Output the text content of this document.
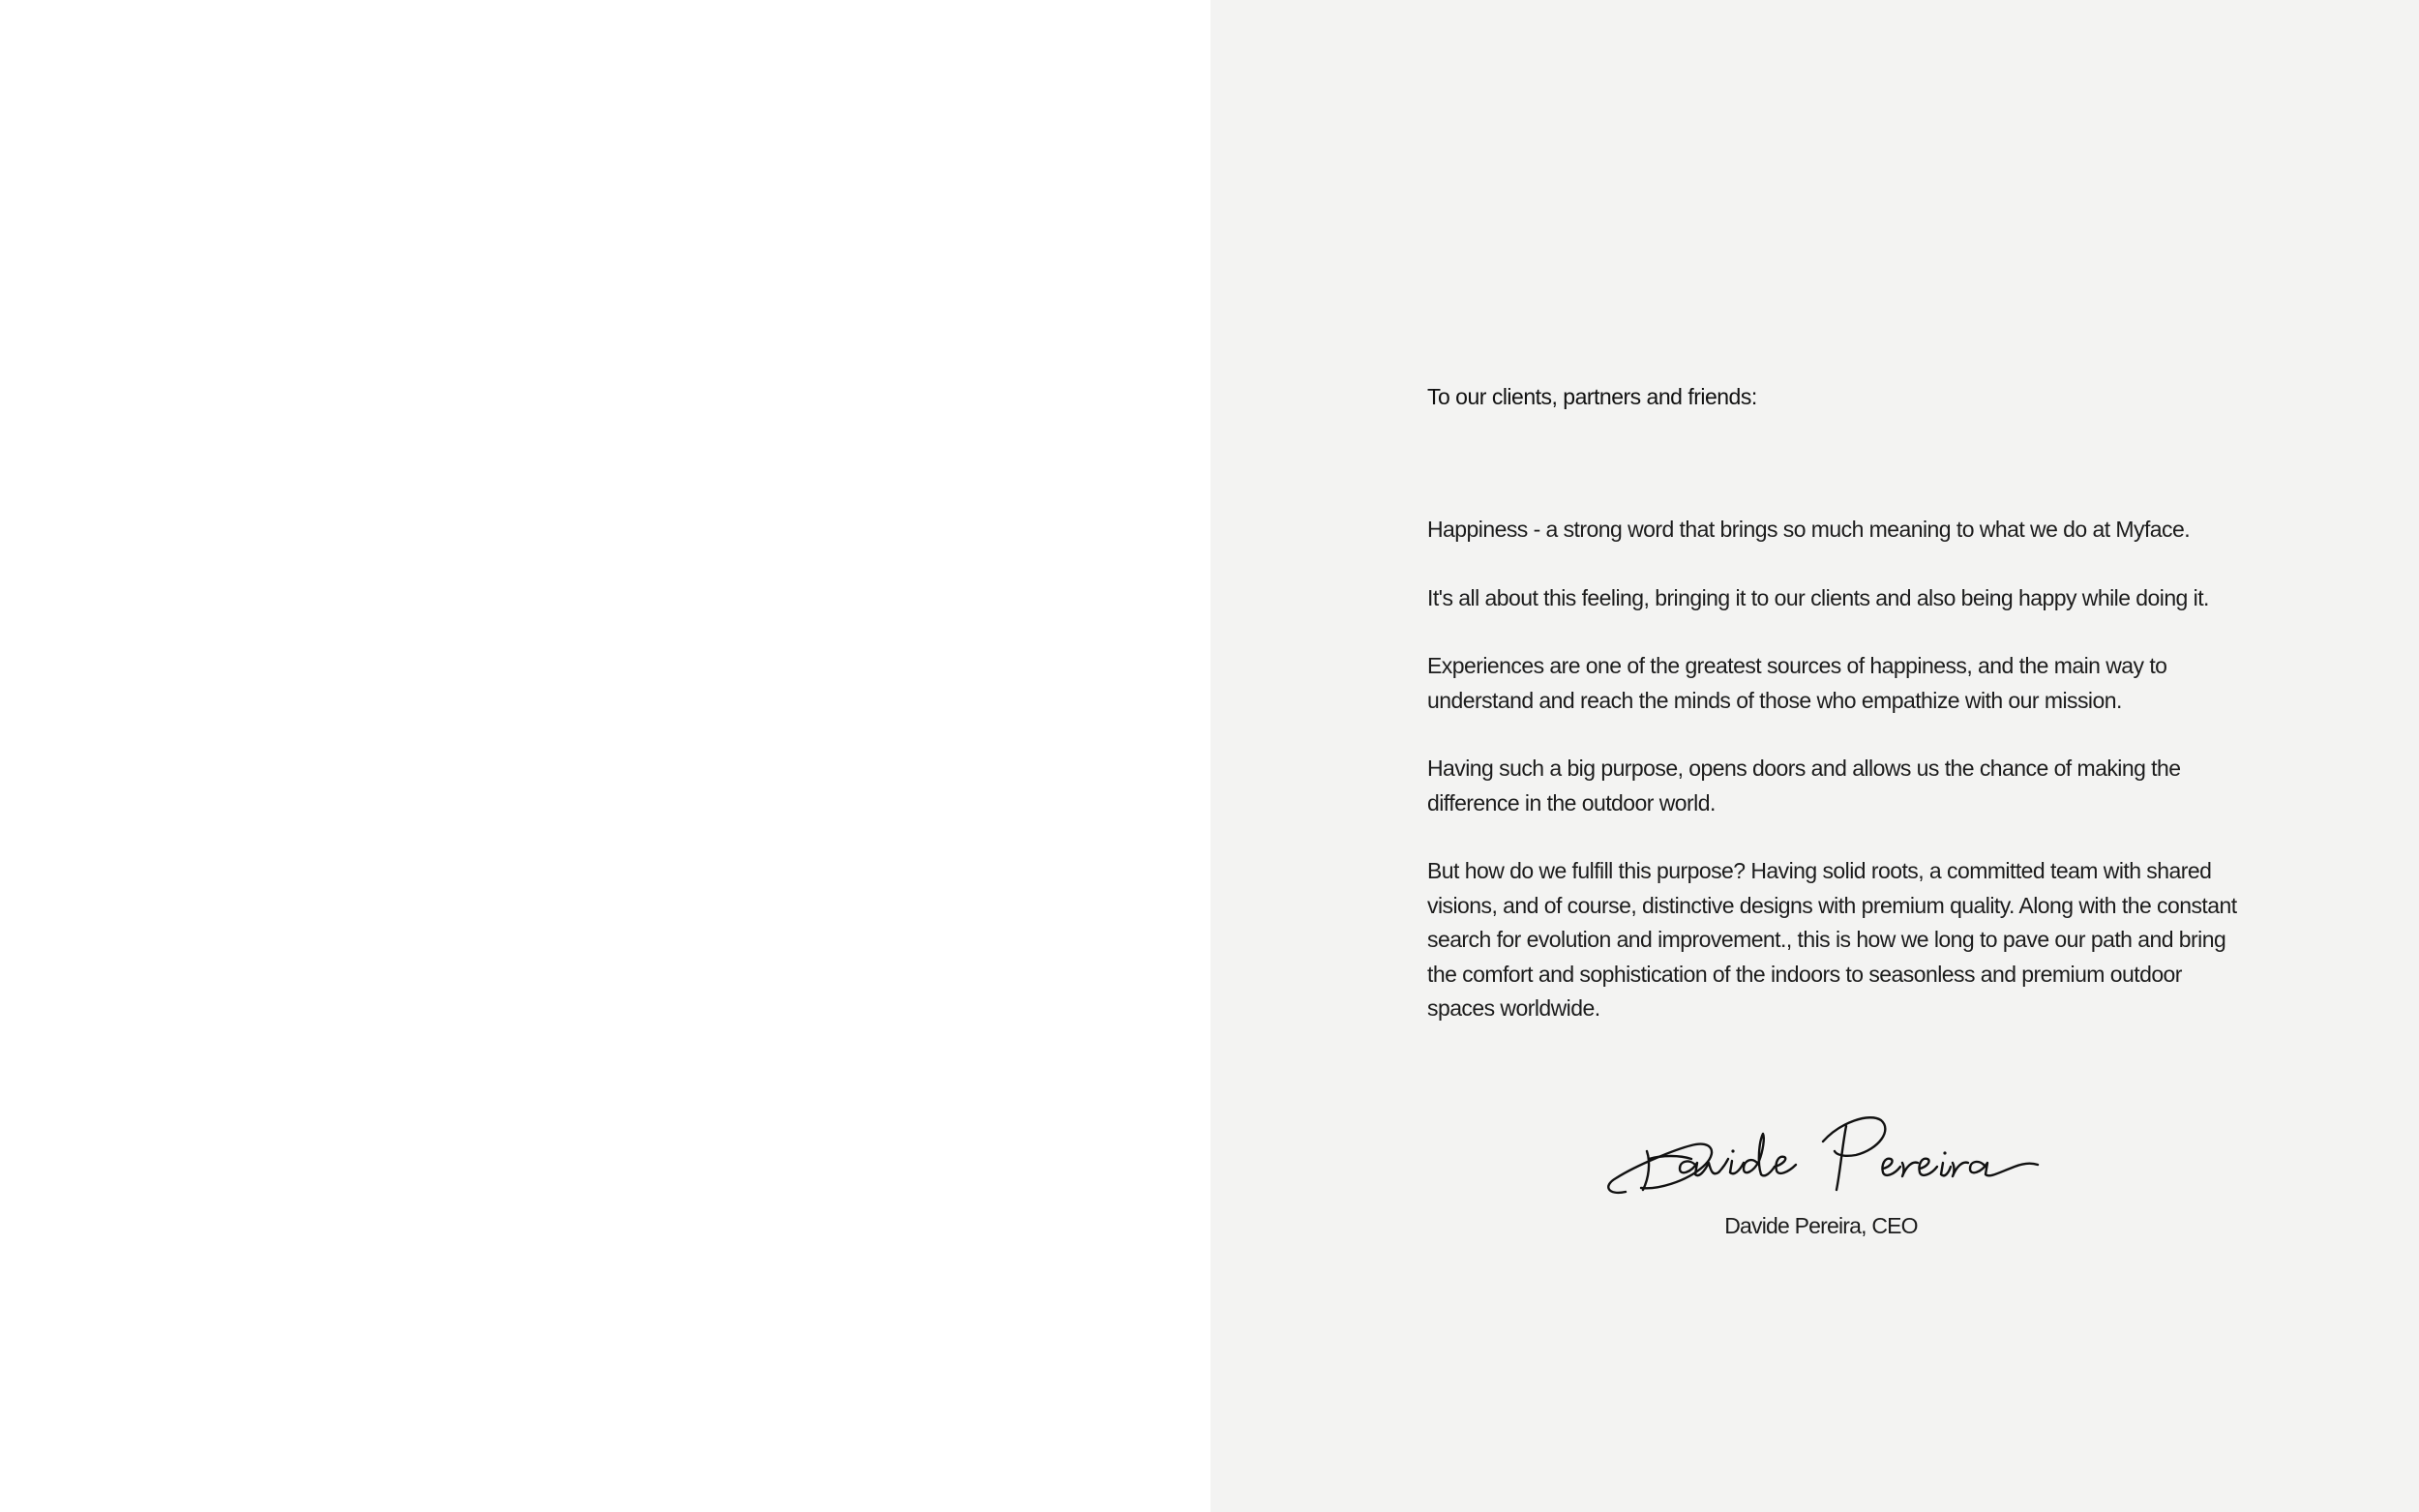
To our clients, partners and friends:

Happiness - a strong word that brings so much meaning to what we do at Myface.

It's all about this feeling, bringing it to our clients and also being happy while doing it.

Experiences are one of the greatest sources of happiness, and the main way to understand and reach the minds of those who empathize with our mission.

Having such a big purpose, opens doors and allows us the chance of making the difference in the outdoor world.

But how do we fulfill this purpose? Having solid roots, a committed team with shared visions, and of course, distinctive designs with premium quality. Along with the constant search for evolution and improvement., this is how we long to pave our path and bring the comfort and sophistication of the indoors to seasonless and premium outdoor spaces worldwide.

Davide Pereira, CEO
